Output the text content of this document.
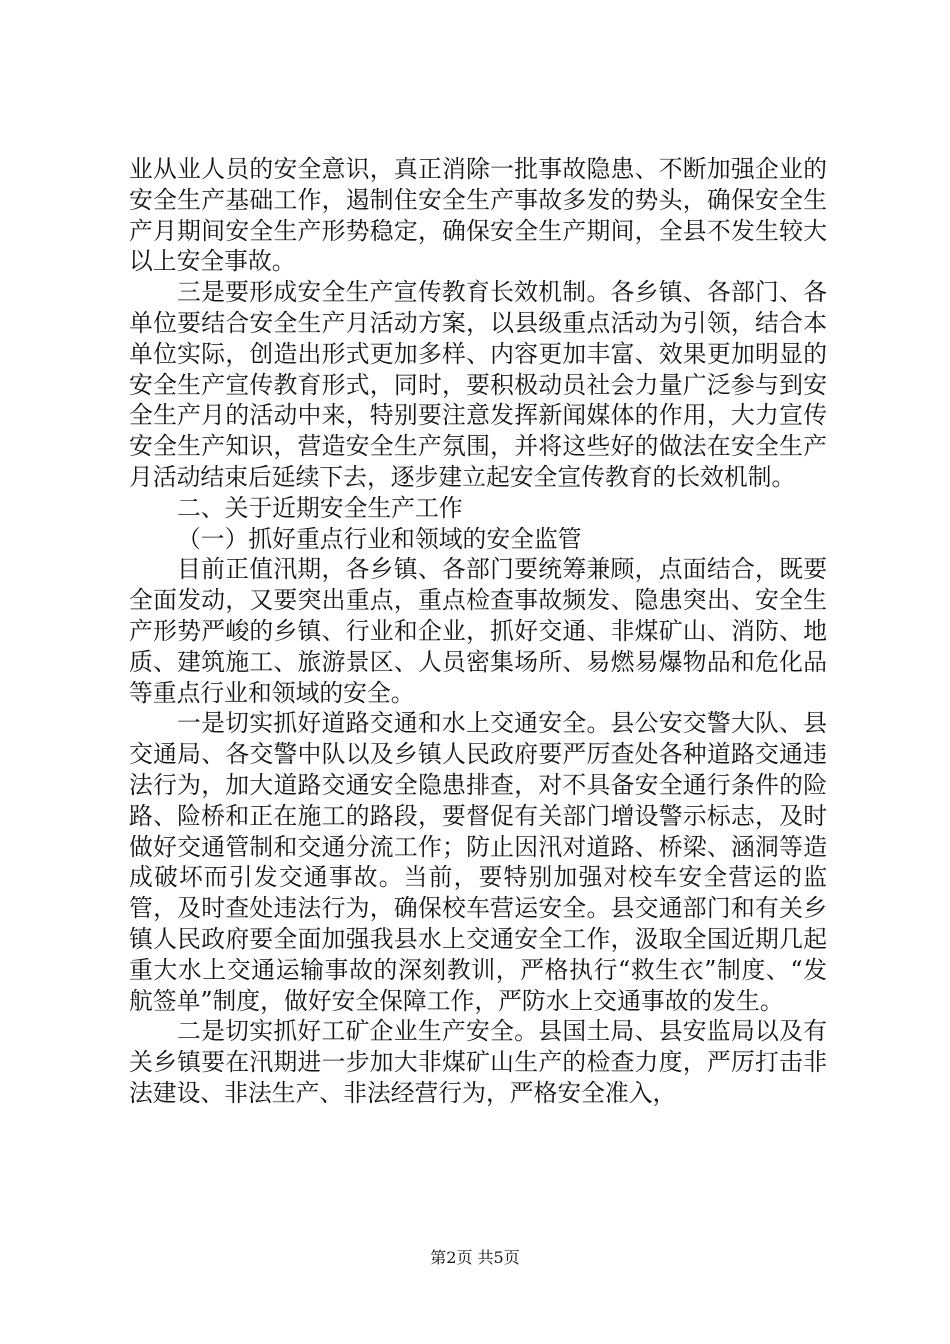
业从业人员的安全意识，真正消除一批事故隐患、不断加强企业的安全生产基础工作，遏制住安全生产事故多发的势头，确保安全生产月期间安全生产形势稳定，确保安全生产期间，全县不发生较大以上安全事故。

三是要形成安全生产宣传教育长效机制。各乡镇、各部门、各单位要结合安全生产月活动方案，以县级重点活动为引领，结合本单位实际，创造出形式更加多样、内容更加丰富、效果更加明显的安全生产宣传教育形式，同时，要积极动员社会力量广泛参与到安全生产月的活动中来，特别要注意发挥新闻媒体的作用，大力宣传安全生产知识，营造安全生产氛围，并将这些好的做法在安全生产月活动结束后延续下去，逐步建立起安全宣传教育的长效机制。

二、关于近期安全生产工作

（一）抓好重点行业和领域的安全监管

目前正值汛期，各乡镇、各部门要统筹兼顾，点面结合，既要全面发动，又要突出重点，重点检查事故频发、隐患突出、安全生产形势严峻的乡镇、行业和企业，抓好交通、非煤矿山、消防、地质、建筑施工、旅游景区、人员密集场所、易燃易爆物品和危化品等重点行业和领域的安全。

一是切实抓好道路交通和水上交通安全。县公安交警大队、县交通局、各交警中队以及乡镇人民政府要严厉查处各种道路交通违法行为，加大道路交通安全隐患排查，对不具备安全通行条件的险路、险桥和正在施工的路段，要督促有关部门增设警示标志，及时做好交通管制和交通分流工作；防止因汛对道路、桥梁、涵洞等造成破坏而引发交通事故。当前，要特别加强对校车安全营运的监管，及时查处违法行为，确保校车营运安全。县交通部门和有关乡镇人民政府要全面加强我县水上交通安全工作，汲取全国近期几起重大水上交通运输事故的深刻教训，严格执行“救生衣”制度、“发航签单”制度，做好安全保障工作，严防水上交通事故的发生。

二是切实抓好工矿企业生产安全。县国土局、县安监局以及有关乡镇要在汛期进一步加大非煤矿山生产的检查力度，严厉打击非法建设、非法生产、非法经营行为，严格安全准入，

第2页 共5页
